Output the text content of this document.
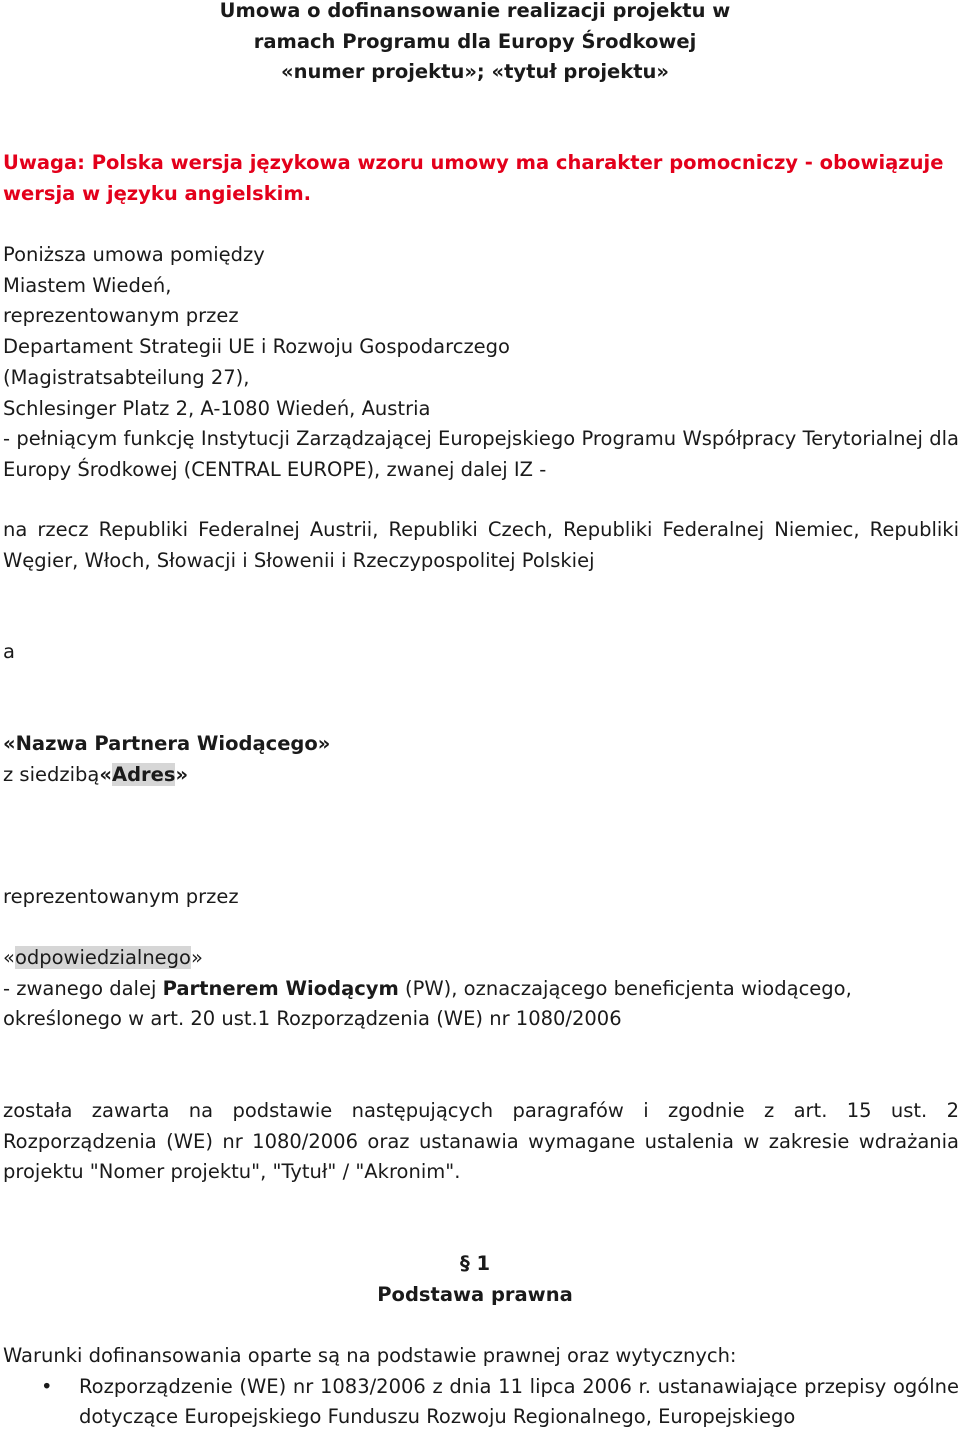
Umowa o dofinansowanie realizacji projektu w

ramach Programu dla Europy Środkowej

«numer projektu»; «tytuł projektu»

Uwaga: Polska wersja językowa wzoru umowy ma charakter pomocniczy - obowiązuje

wersja w języku angielskim.

Poniższa umowa pomiędzy

Miastem Wiedeń,

reprezentowanym przez

Departament Strategii UE i Rozwoju Gospodarczego

(Magistratsabteilung 27),

Schlesinger Platz 2, A-1080 Wiedeń, Austria

- pełniącym funkcję Instytucji Zarządzającej Europejskiego Programu Współpracy Terytorialnej dla Europy Środkowej (CENTRAL EUROPE), zwanej dalej IZ -

na rzecz Republiki Federalnej Austrii, Republiki Czech, Republiki Federalnej Niemiec, Republiki Węgier, Włoch, Słowacji i Słowenii i Rzeczypospolitej Polskiej

a

«Nazwa Partnera Wiodącego»

z siedzibą«Adres»

reprezentowanym przez

«odpowiedzialnego»

- zwanego dalej Partnerem Wiodącym (PW), oznaczającego beneficjenta wiodącego,

określonego w art. 20 ust.1 Rozporządzenia (WE) nr 1080/2006

została zawarta na podstawie następujących paragrafów i zgodnie z art. 15 ust. 2 Rozporządzenia (WE) nr 1080/2006 oraz ustanawia wymagane ustalenia w zakresie wdrażania projektu "Nomer projektu", "Tytuł" / "Akronim".

§ 1

Podstawa prawna

Warunki dofinansowania oparte są na podstawie prawnej oraz wytycznych:

• Rozporządzenie (WE) nr 1083/2006 z dnia 11 lipca 2006 r. ustanawiające przepisy ogólne dotyczące Europejskiego Funduszu Rozwoju Regionalnego, Europejskiego
